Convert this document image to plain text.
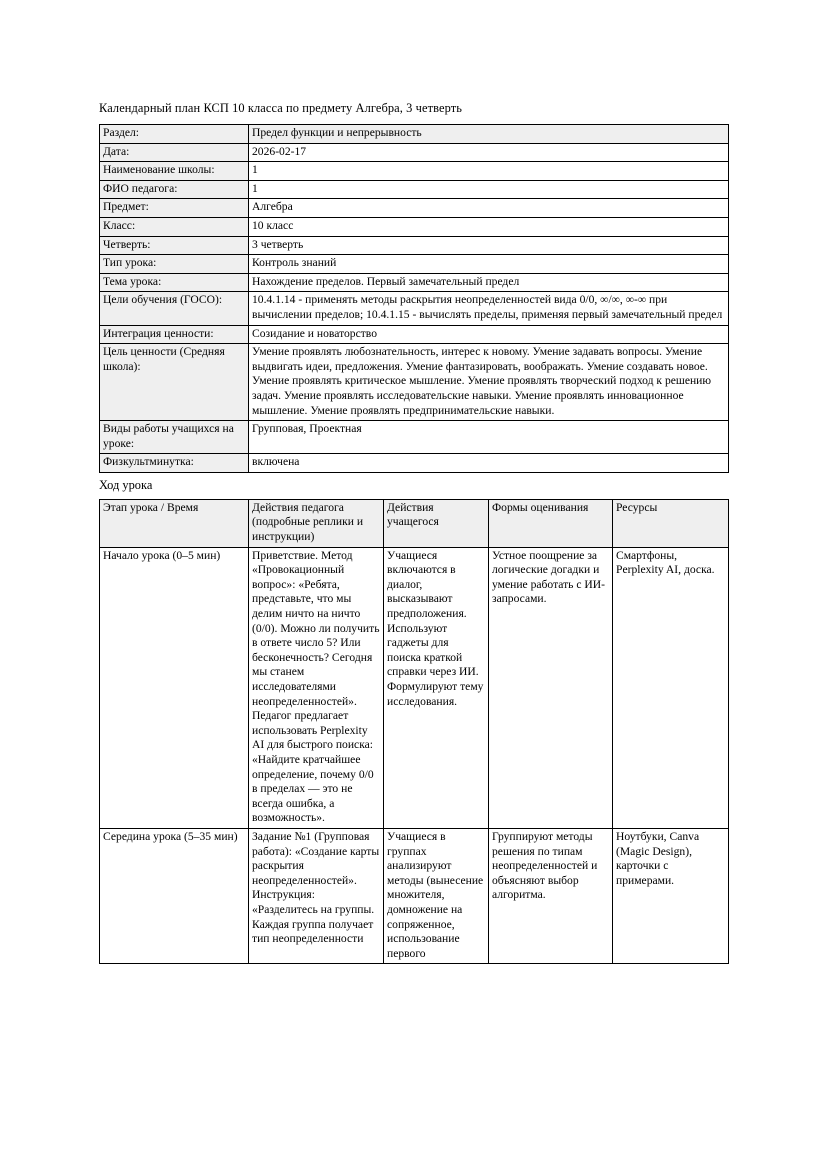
Календарный план КСП 10 класса по предмету Алгебра, 3 четверть

Раздел:	Предел функции и непрерывность
Дата:	2026-02-17
Наименование школы:	1
ФИО педагога:	1
Предмет:	Алгебра
Класс:	10 класс
Четверть:	3 четверть
Тип урока:	Контроль знаний
Тема урока:	Нахождение пределов. Первый замечательный предел
Цели обучения (ГОСО):	10.4.1.14 - применять методы раскрытия неопределенностей вида 0/0, ∞/∞, ∞-∞ при вычислении пределов; 10.4.1.15 - вычислять пределы, применяя первый замечательный предел
Интеграция ценности:	Созидание и новаторство
Цель ценности (Средняя школа):	Умение проявлять любознательность, интерес к новому. Умение задавать вопросы. Умение выдвигать идеи, предложения. Умение фантазировать, воображать. Умение создавать новое. Умение проявлять критическое мышление. Умение проявлять творческий подход к решению задач. Умение проявлять исследовательские навыки. Умение проявлять инновационное мышление. Умение проявлять предпринимательские навыки.
Виды работы учащихся на уроке:	Групповая, Проектная
Физкультминутка:	включена

Ход урока

Этап урока / Время	Действия педагога (подробные реплики и инструкции)	Действия учащегося	Формы оценивания	Ресурсы
Начало урока (0–5 мин)	Приветствие. Метод «Провокационный вопрос»: «Ребята, представьте, что мы делим ничто на ничто (0/0). Можно ли получить в ответе число 5? Или бесконечность? Сегодня мы станем исследователями неопределенностей». Педагог предлагает использовать Perplexity AI для быстрого поиска: «Найдите кратчайшее определение, почему 0/0 в пределах — это не всегда ошибка, а возможность».	Учащиеся включаются в диалог, высказывают предположения. Используют гаджеты для поиска краткой справки через ИИ. Формулируют тему исследования.	Устное поощрение за логические догадки и умение работать с ИИ-запросами.	Смартфоны, Perplexity AI, доска.
Середина урока (5–35 мин)	Задание №1 (Групповая работа): «Создание карты раскрытия неопределенностей». Инструкция: «Разделитесь на группы. Каждая группа получает тип неопределенности	Учащиеся в группах анализируют методы (вынесение множителя, домножение на сопряженное, использование первого	Группируют методы решения по типам неопределенностей и объясняют выбор алгоритма.	Ноутбуки, Canva (Magic Design), карточки с примерами.
